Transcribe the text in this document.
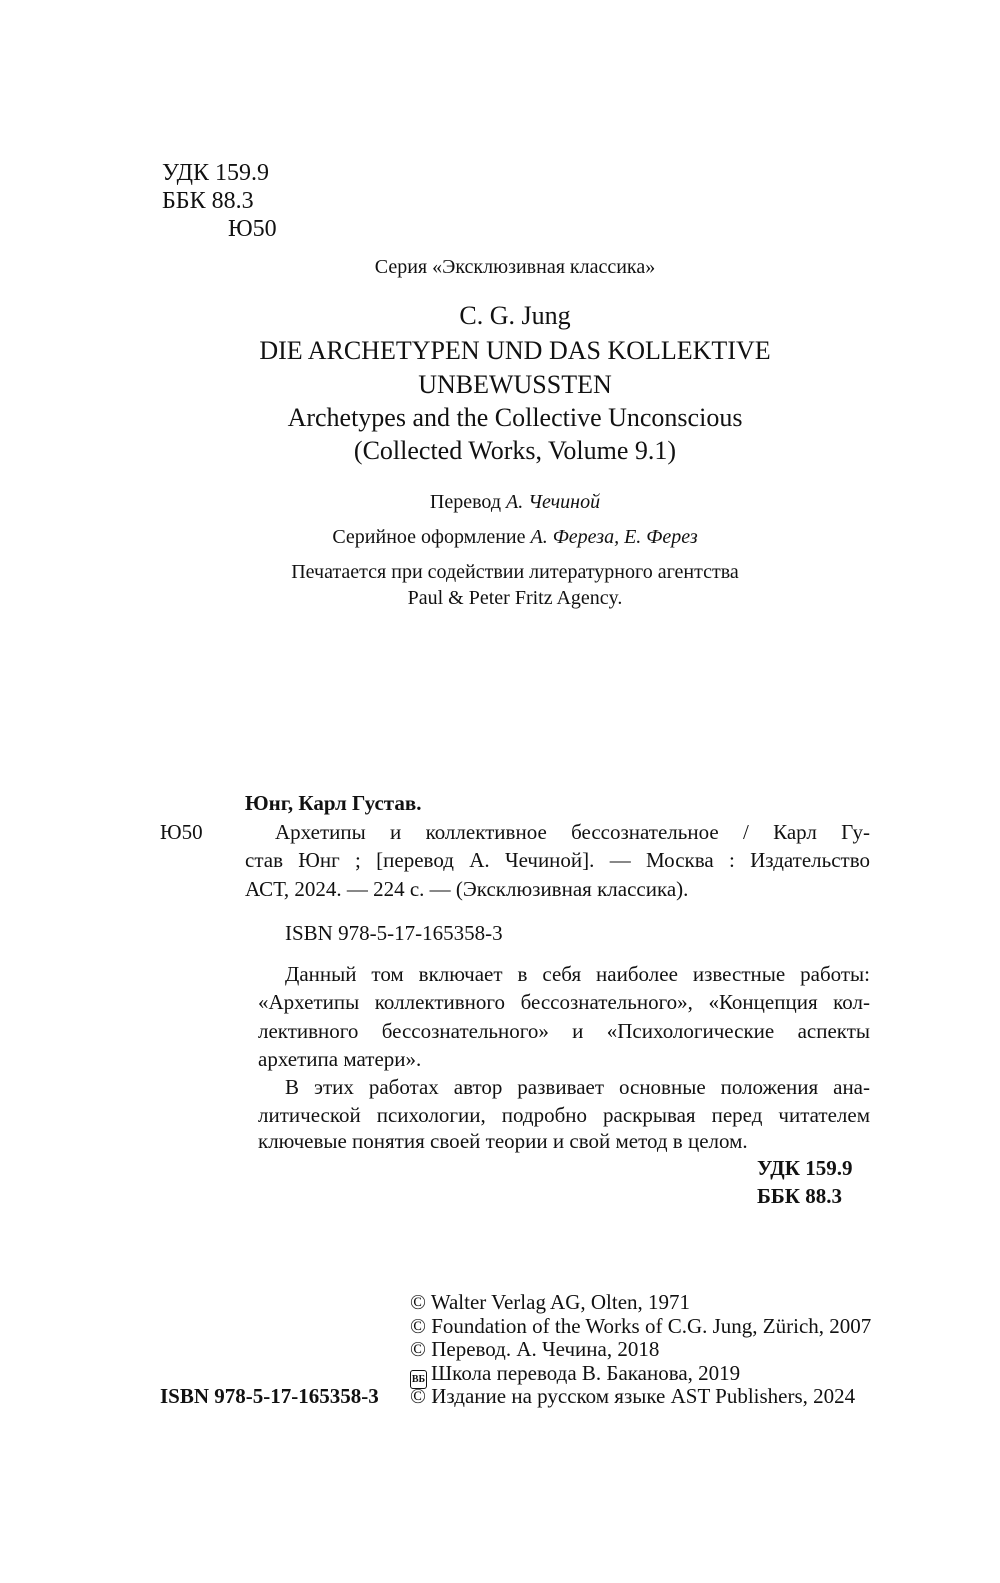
УДК 159.9
ББК 88.3
Ю50
Серия «Эксклюзивная классика»
C. G. Jung
DIE ARCHETYPEN UND DAS KOLLEKTIVE
UNBEWUSSTEN
Archetypes and the Collective Unconscious
(Collected Works, Volume 9.1)
Перевод А. Чечиной
Серийное оформление А. Фереза, Е. Ферез
Печатается при содействии литературного агентства
Paul & Peter Fritz Agency.
Юнг, Карл Густав.
Ю50	Архетипы и коллективное бессознательное / Карл Гу-
став Юнг ; [перевод А. Чечиной]. — Москва : Издательство
АСТ, 2024. — 224 с. — (Эксклюзивная классика).
ISBN 978-5-17-165358-3
Данный том включает в себя наиболее известные работы:
«Архетипы коллективного бессознательного», «Концепция кол-
лективного бессознательного» и «Психологические аспекты
архетипа матери».
В этих работах автор развивает основные положения ана-
литической психологии, подробно раскрывая перед читателем
ключевые понятия своей теории и свой метод в целом.
УДК 159.9
ББК 88.3
© Walter Verlag AG, Olten, 1971
© Foundation of the Works of C.G. Jung, Zürich, 2007
© Перевод. А. Чечина, 2018
ВБ Школа перевода В. Баканова, 2019
© Издание на русском языке AST Publishers, 2024
ISBN 978-5-17-165358-3
